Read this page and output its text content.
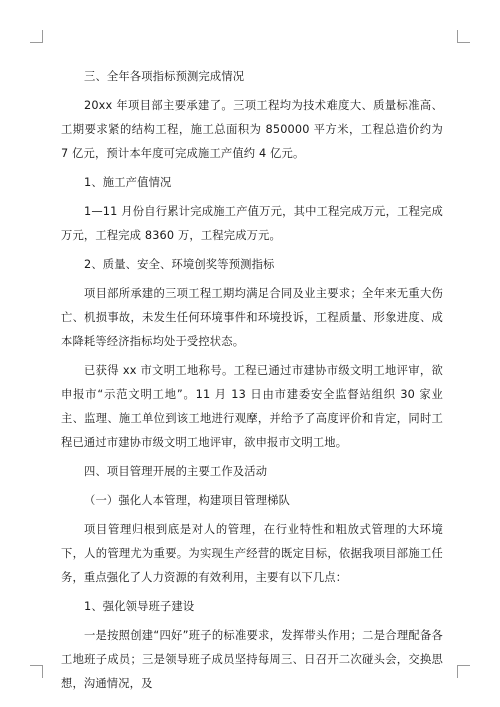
三、全年各项指标预测完成情况

20xx 年项目部主要承建了。三项工程均为技术难度大、质量标准高、工期要求紧的结构工程，施工总面积为 850000 平方米，工程总造价约为 7 亿元，预计本年度可完成施工产值约 4 亿元。

1、施工产值情况

1—11 月份自行累计完成施工产值万元，其中工程完成万元，工程完成万元，工程完成 8360 万，工程完成万元。

2、质量、安全、环境创奖等预测指标

项目部所承建的三项工程工期均满足合同及业主要求；全年来无重大伤亡、机损事故，未发生任何环境事件和环境投诉，工程质量、形象进度、成本降耗等经济指标均处于受控状态。

已获得 xx 市文明工地称号。工程已通过市建协市级文明工地评审，欲申报市“示范文明工地”。11 月 13 日由市建委安全监督站组织 30 家业主、监理、施工单位到该工地进行观摩，并给予了高度评价和肯定，同时工程已通过市建协市级文明工地评审，欲申报市文明工地。

四、项目管理开展的主要工作及活动

（一）强化人本管理，构建项目管理梯队

项目管理归根到底是对人的管理，在行业特性和粗放式管理的大环境下，人的管理尤为重要。为实现生产经营的既定目标，依据我项目部施工任务，重点强化了人力资源的有效利用，主要有以下几点：

1、强化领导班子建设

一是按照创建“四好”班子的标准要求，发挥带头作用；二是合理配备各工地班子成员；三是领导班子成员坚持每周三、日召开二次碰头会，交换思想，沟通情况，及
